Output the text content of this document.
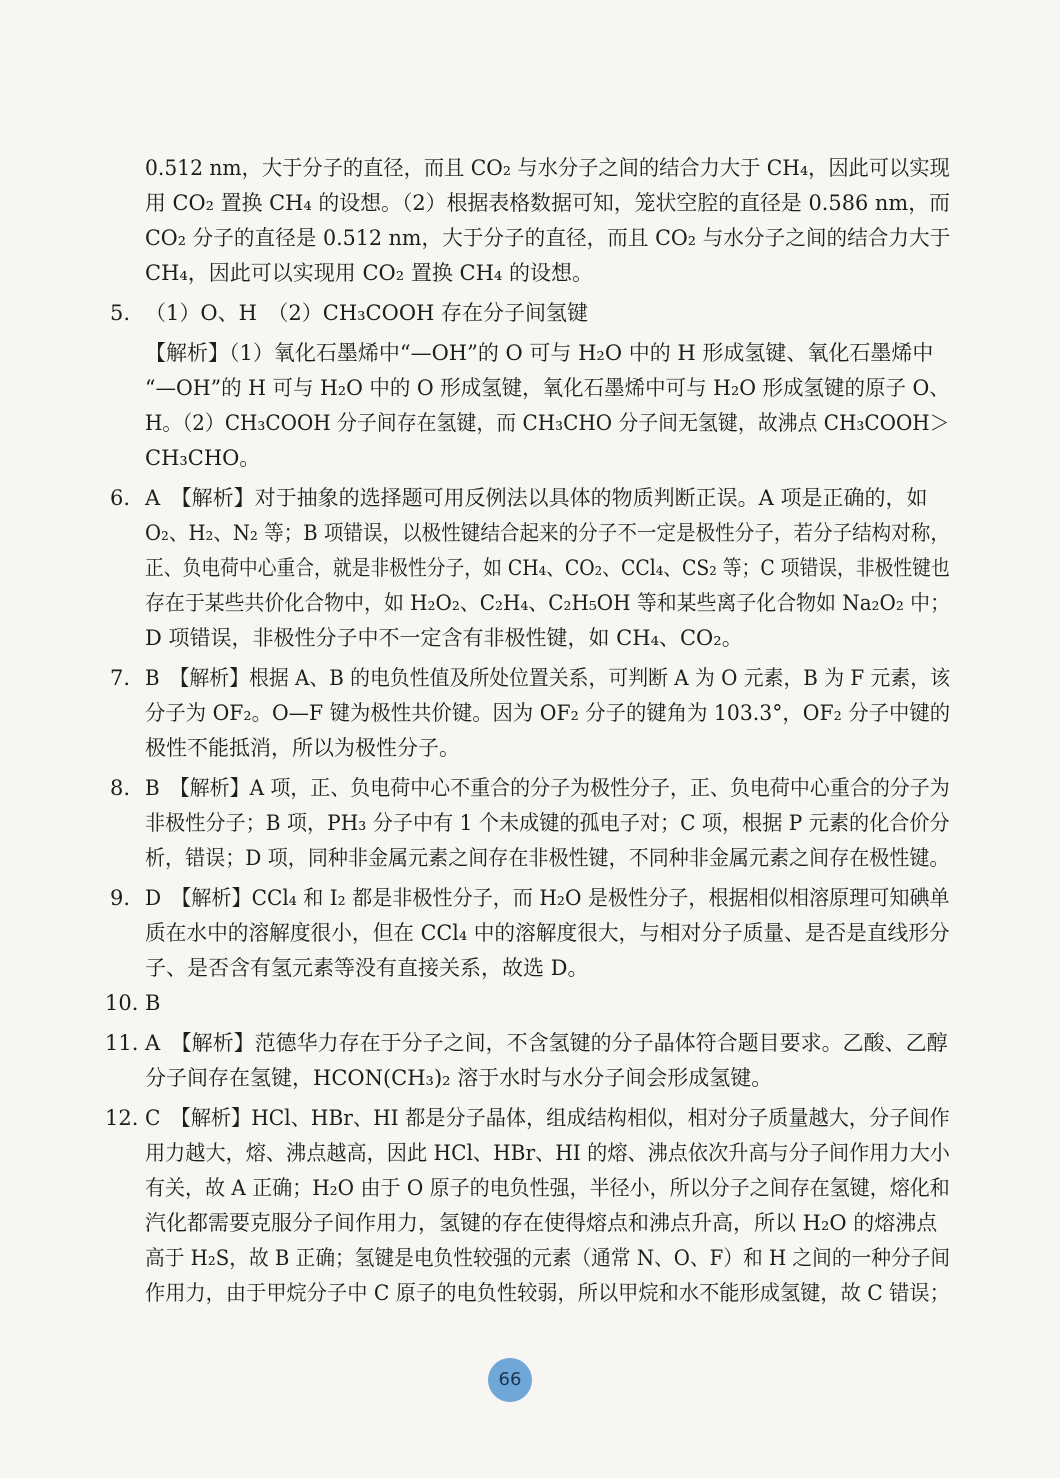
0.512 nm，大于分子的直径，而且 CO₂ 与水分子之间的结合力大于 CH₄，因此可以实现
用 CO₂ 置换 CH₄ 的设想。（2）根据表格数据可知，笼状空腔的直径是 0.586 nm，而
CO₂ 分子的直径是 0.512 nm，大于分子的直径，而且 CO₂ 与水分子之间的结合力大于
CH₄，因此可以实现用 CO₂ 置换 CH₄ 的设想。
5. （1）O、H　（2）CH₃COOH 存在分子间氢键
【解析】（1）氧化石墨烯中“—OH”的 O 可与 H₂O 中的 H 形成氢键、氧化石墨烯中
“—OH”的 H 可与 H₂O 中的 O 形成氢键，氧化石墨烯中可与 H₂O 形成氢键的原子 O、
H。（2）CH₃COOH 分子间存在氢键，而 CH₃CHO 分子间无氢键，故沸点 CH₃COOH＞
CH₃CHO。
6. A　【解析】对于抽象的选择题可用反例法以具体的物质判断正误。A 项是正确的，如
O₂、H₂、N₂ 等；B 项错误，以极性键结合起来的分子不一定是极性分子，若分子结构对称，
正、负电荷中心重合，就是非极性分子，如 CH₄、CO₂、CCl₄、CS₂ 等；C 项错误，非极性键也
存在于某些共价化合物中，如 H₂O₂、C₂H₄、C₂H₅OH 等和某些离子化合物如 Na₂O₂ 中；
D 项错误，非极性分子中不一定含有非极性键，如 CH₄、CO₂。
7. B　【解析】根据 A、B 的电负性值及所处位置关系，可判断 A 为 O 元素，B 为 F 元素，该
分子为 OF₂。O—F 键为极性共价键。因为 OF₂ 分子的键角为 103.3°，OF₂ 分子中键的
极性不能抵消，所以为极性分子。
8. B　【解析】A 项，正、负电荷中心不重合的分子为极性分子，正、负电荷中心重合的分子为
非极性分子；B 项，PH₃ 分子中有 1 个未成键的孤电子对；C 项，根据 P 元素的化合价分
析，错误；D 项，同种非金属元素之间存在非极性键，不同种非金属元素之间存在极性键。
9. D　【解析】CCl₄ 和 I₂ 都是非极性分子，而 H₂O 是极性分子，根据相似相溶原理可知碘单
质在水中的溶解度很小，但在 CCl₄ 中的溶解度很大，与相对分子质量、是否是直线形分
子、是否含有氢元素等没有直接关系，故选 D。
10. B
11. A　【解析】范德华力存在于分子之间，不含氢键的分子晶体符合题目要求。乙酸、乙醇
分子间存在氢键，HCON(CH₃)₂ 溶于水时与水分子间会形成氢键。
12. C　【解析】HCl、HBr、HI 都是分子晶体，组成结构相似，相对分子质量越大，分子间作
用力越大，熔、沸点越高，因此 HCl、HBr、HI 的熔、沸点依次升高与分子间作用力大小
有关，故 A 正确；H₂O 由于 O 原子的电负性强，半径小，所以分子之间存在氢键，熔化和
汽化都需要克服分子间作用力，氢键的存在使得熔点和沸点升高，所以 H₂O 的熔沸点
高于 H₂S，故 B 正确；氢键是电负性较强的元素（通常 N、O、F）和 H 之间的一种分子间
作用力，由于甲烷分子中 C 原子的电负性较弱，所以甲烷和水不能形成氢键，故 C 错误；
66
